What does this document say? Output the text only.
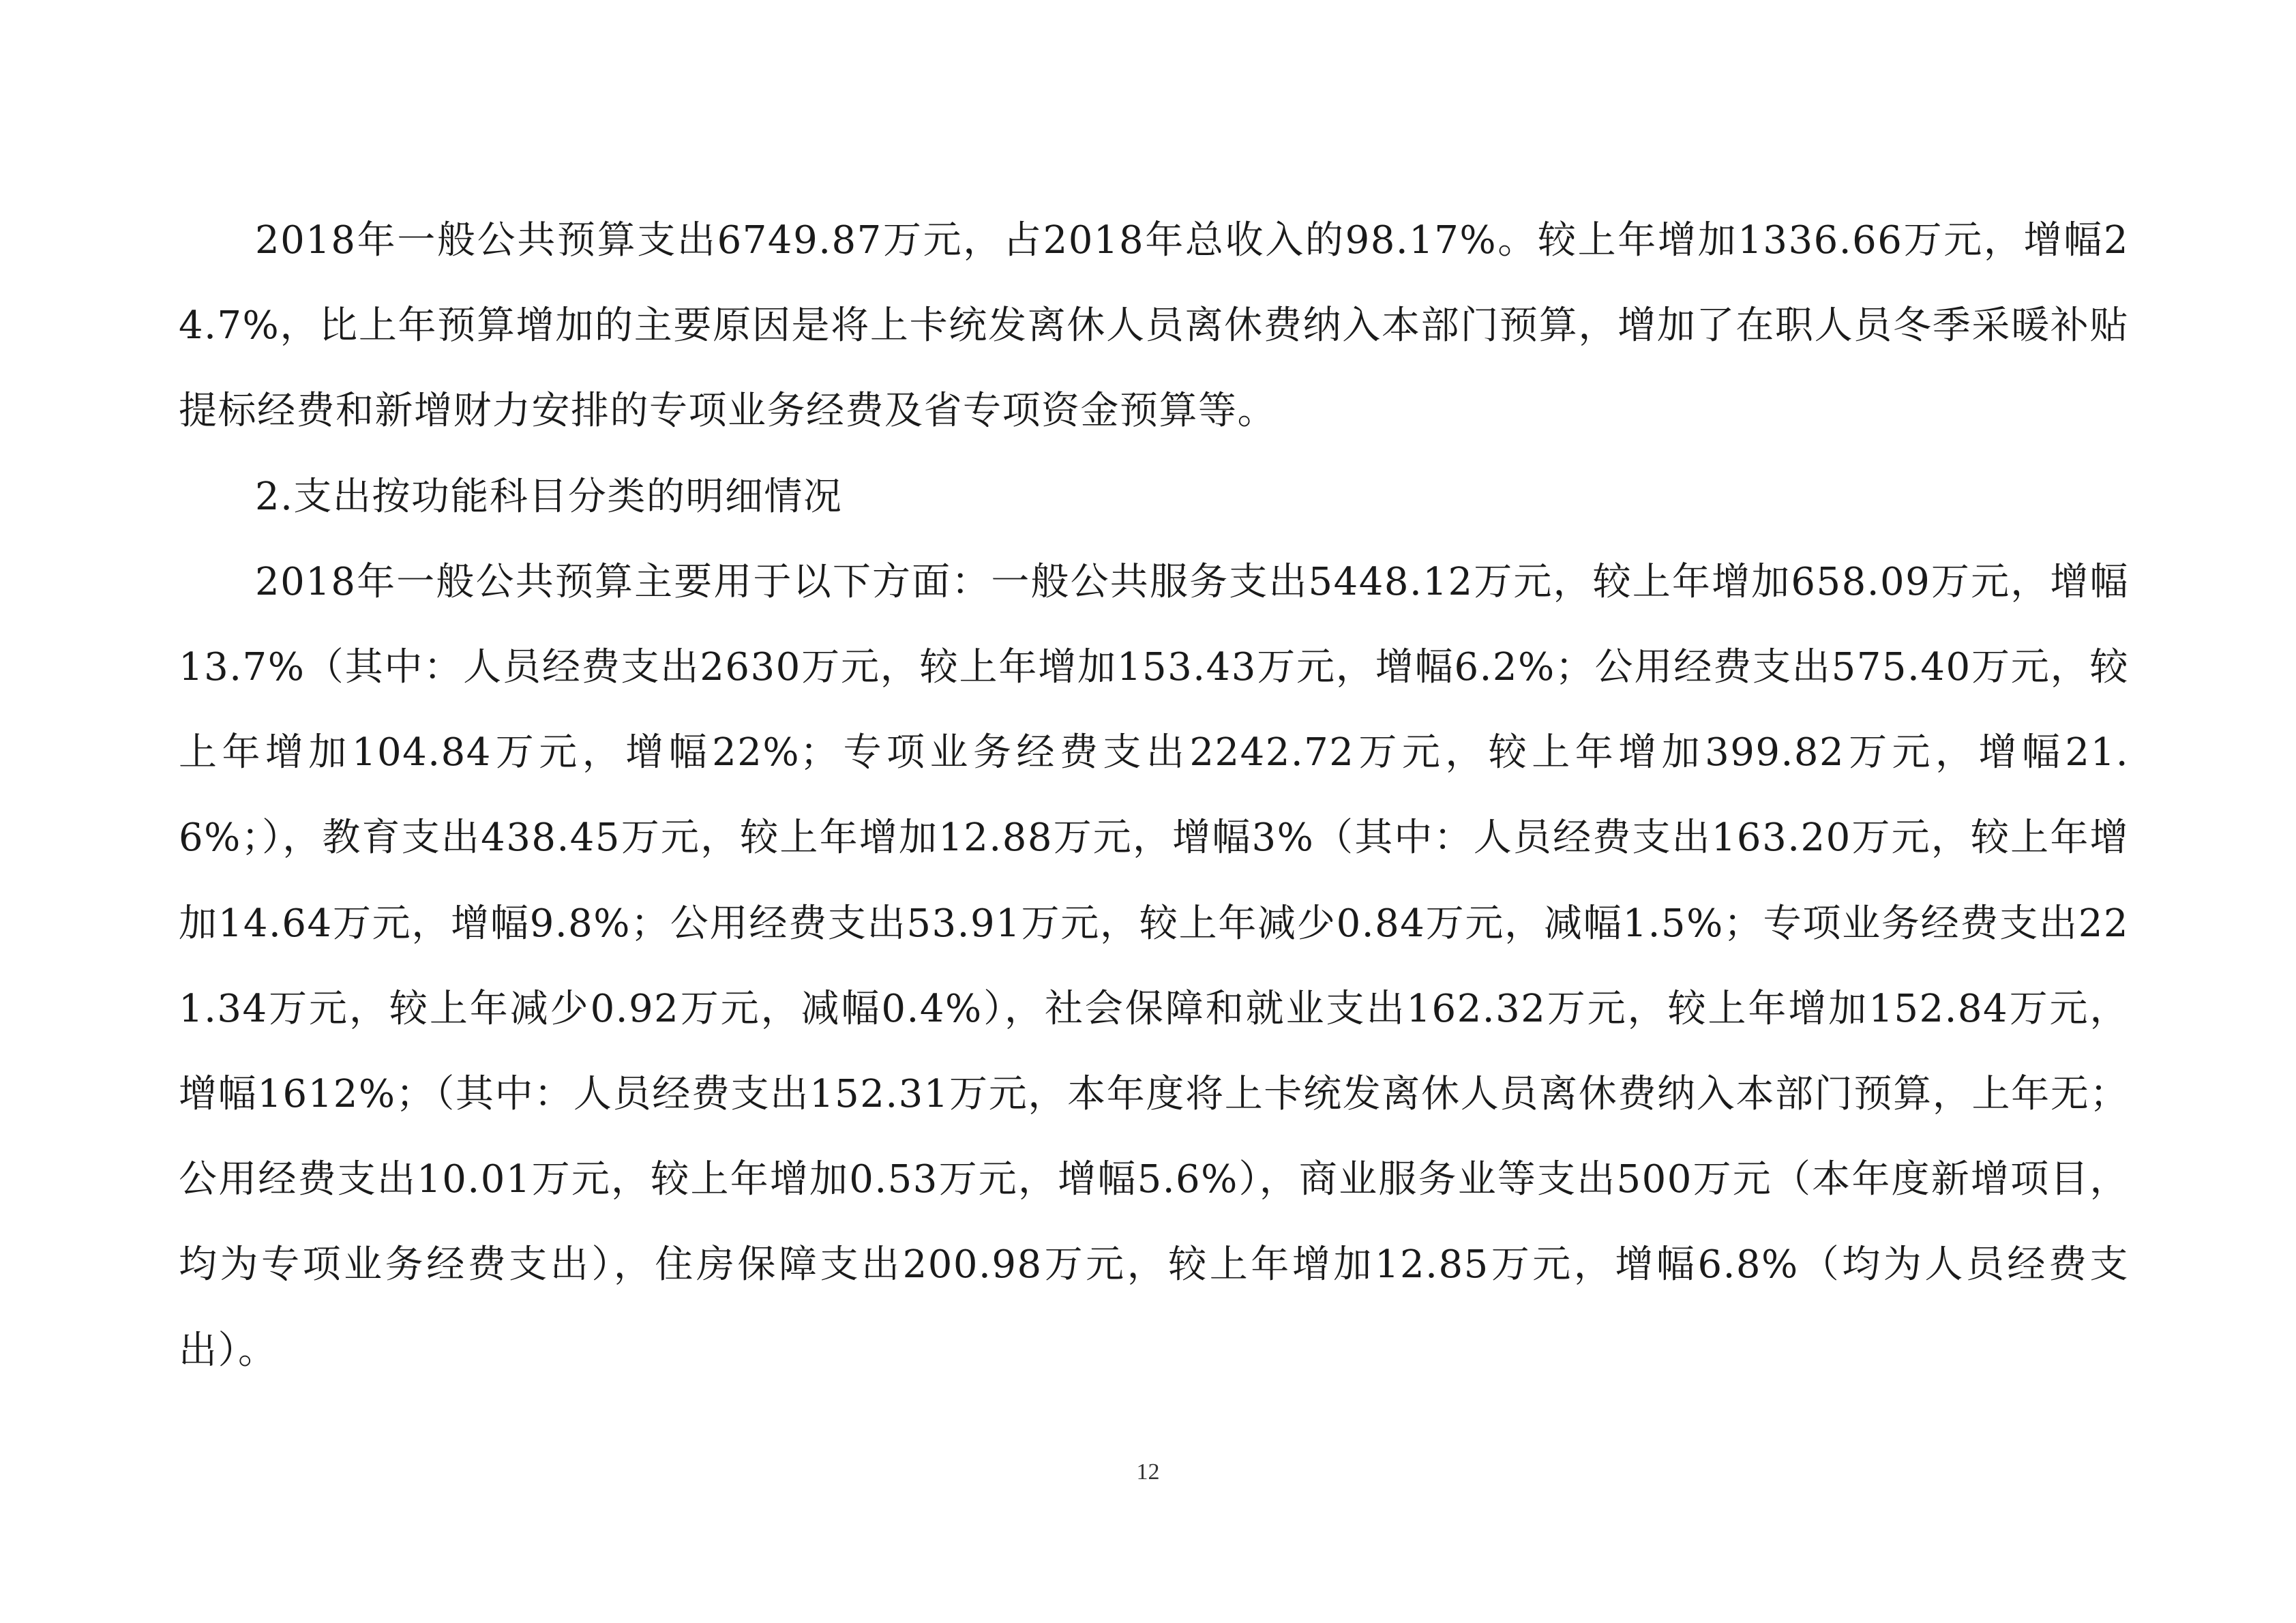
2018年一般公共预算支出6749.87万元，占2018年总收入的98.17%。较上年增加1336.66万元，增幅24.7%，比上年预算增加的主要原因是将上卡统发离休人员离休费纳入本部门预算，增加了在职人员冬季采暖补贴提标经费和新增财力安排的专项业务经费及省专项资金预算等。

2.支出按功能科目分类的明细情况

2018年一般公共预算主要用于以下方面：一般公共服务支出5448.12万元，较上年增加658.09万元，增幅13.7%（其中：人员经费支出2630万元，较上年增加153.43万元，增幅6.2%；公用经费支出575.40万元，较上年增加104.84万元，增幅22%；专项业务经费支出2242.72万元，较上年增加399.82万元，增幅21.6%；），教育支出438.45万元，较上年增加12.88万元，增幅3%（其中：人员经费支出163.20万元，较上年增加14.64万元，增幅9.8%；公用经费支出53.91万元，较上年减少0.84万元，减幅1.5%；专项业务经费支出221.34万元，较上年减少0.92万元，减幅0.4%），社会保障和就业支出162.32万元，较上年增加152.84万元，增幅1612%；（其中：人员经费支出152.31万元，本年度将上卡统发离休人员离休费纳入本部门预算，上年无；公用经费支出10.01万元，较上年增加0.53万元，增幅5.6%），商业服务业等支出500万元（本年度新增项目，均为专项业务经费支出），住房保障支出200.98万元，较上年增加12.85万元，增幅6.8%（均为人员经费支出）。

12
